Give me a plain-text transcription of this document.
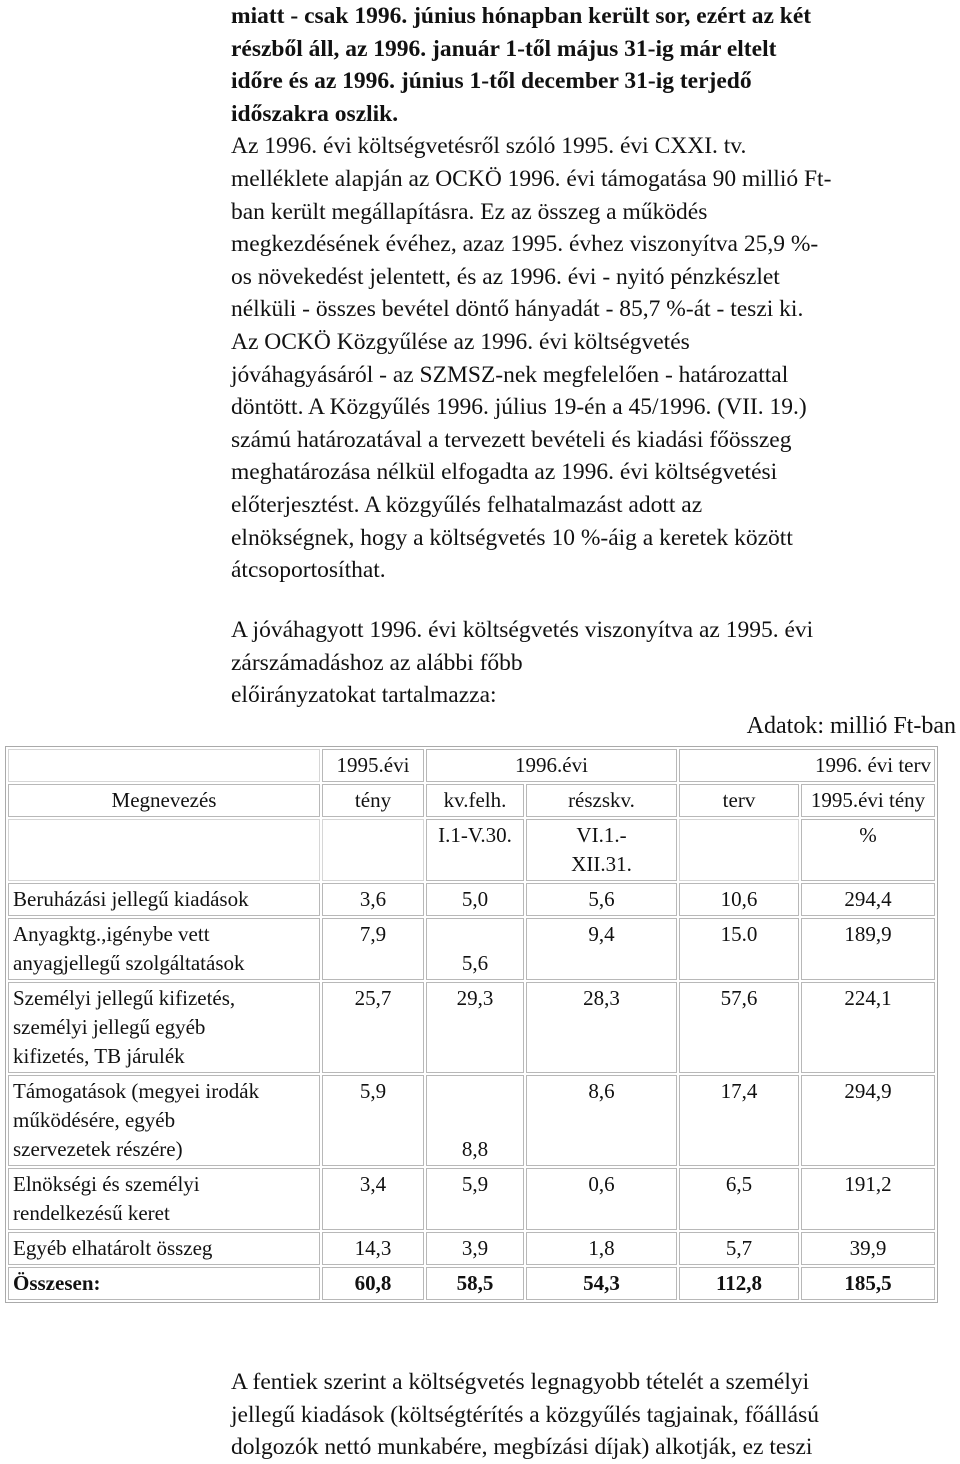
miatt - csak 1996. június hónapban került sor, ezért az két
részből áll, az 1996. január 1-től május 31-ig már eltelt
időre és az 1996. június 1-től december 31-ig terjedő
időszakra oszlik.
Az 1996. évi költségvetésről szóló 1995. évi CXXI. tv.
melléklete alapján az OCKÖ 1996. évi támogatása 90 millió Ft-
ban került megállapításra. Ez az összeg a működés
megkezdésének évéhez, azaz 1995. évhez viszonyítva 25,9 %-
os növekedést jelentett, és az 1996. évi - nyitó pénzkészlet
nélküli - összes bevétel döntő hányadát - 85,7 %-át - teszi ki.
Az OCKÖ Közgyűlése az 1996. évi költségvetés
jóváhagyásáról - az SZMSZ-nek megfelelően - határozattal
döntött. A Közgyűlés 1996. július 19-én a 45/1996. (VII. 19.)
számú határozatával a tervezett bevételi és kiadási főösszeg
meghatározása nélkül elfogadta az 1996. évi költségvetési
előterjesztést. A közgyűlés felhatalmazást adott az
elnökségnek, hogy a költségvetés 10 %-áig a keretek között
átcsoportosíthat.
A jóváhagyott 1996. évi költségvetés viszonyítva az 1995. évi
zárszámadáshoz az alábbi főbb
előirányzatokat tartalmazza:
Adatok: millió Ft-ban
	1995.évi	1996.évi		1996. évi terv	
Megnevezés	tény	kv.felh.	részskv.	terv	1995.évi tény
		I.1-V.30.	VI.1.-
XII.31.		%

Beruházási jellegű kiadások	3,6	5,0	5,6	10,6	294,4

Anyagktg.,igénybe vett
anyagjellegű szolgáltatások	7,9	5,6	9,4	15.0	189,9

Személyi jellegű kifizetés,
személyi jellegű egyéb
kifizetés, TB járulék	25,7	29,3	28,3	57,6	224,1

Támogatások (megyei irodák
működésére, egyéb
szervezetek részére)	5,9	8,8	8,6	17,4	294,9

Elnökségi és személyi
rendelkezésű keret	3,4	5,9	0,6	6,5	191,2

Egyéb elhatárolt összeg	14,3	3,9	1,8	5,7	39,9
Összesen:	60,8	58,5	54,3	112,8	185,5
A fentiek szerint a költségvetés legnagyobb tételét a személyi
jellegű kiadások (költségtérítés a közgyűlés tagjainak, főállású
dolgozók nettó munkabére, megbízási díjak) alkotják, ez teszi
